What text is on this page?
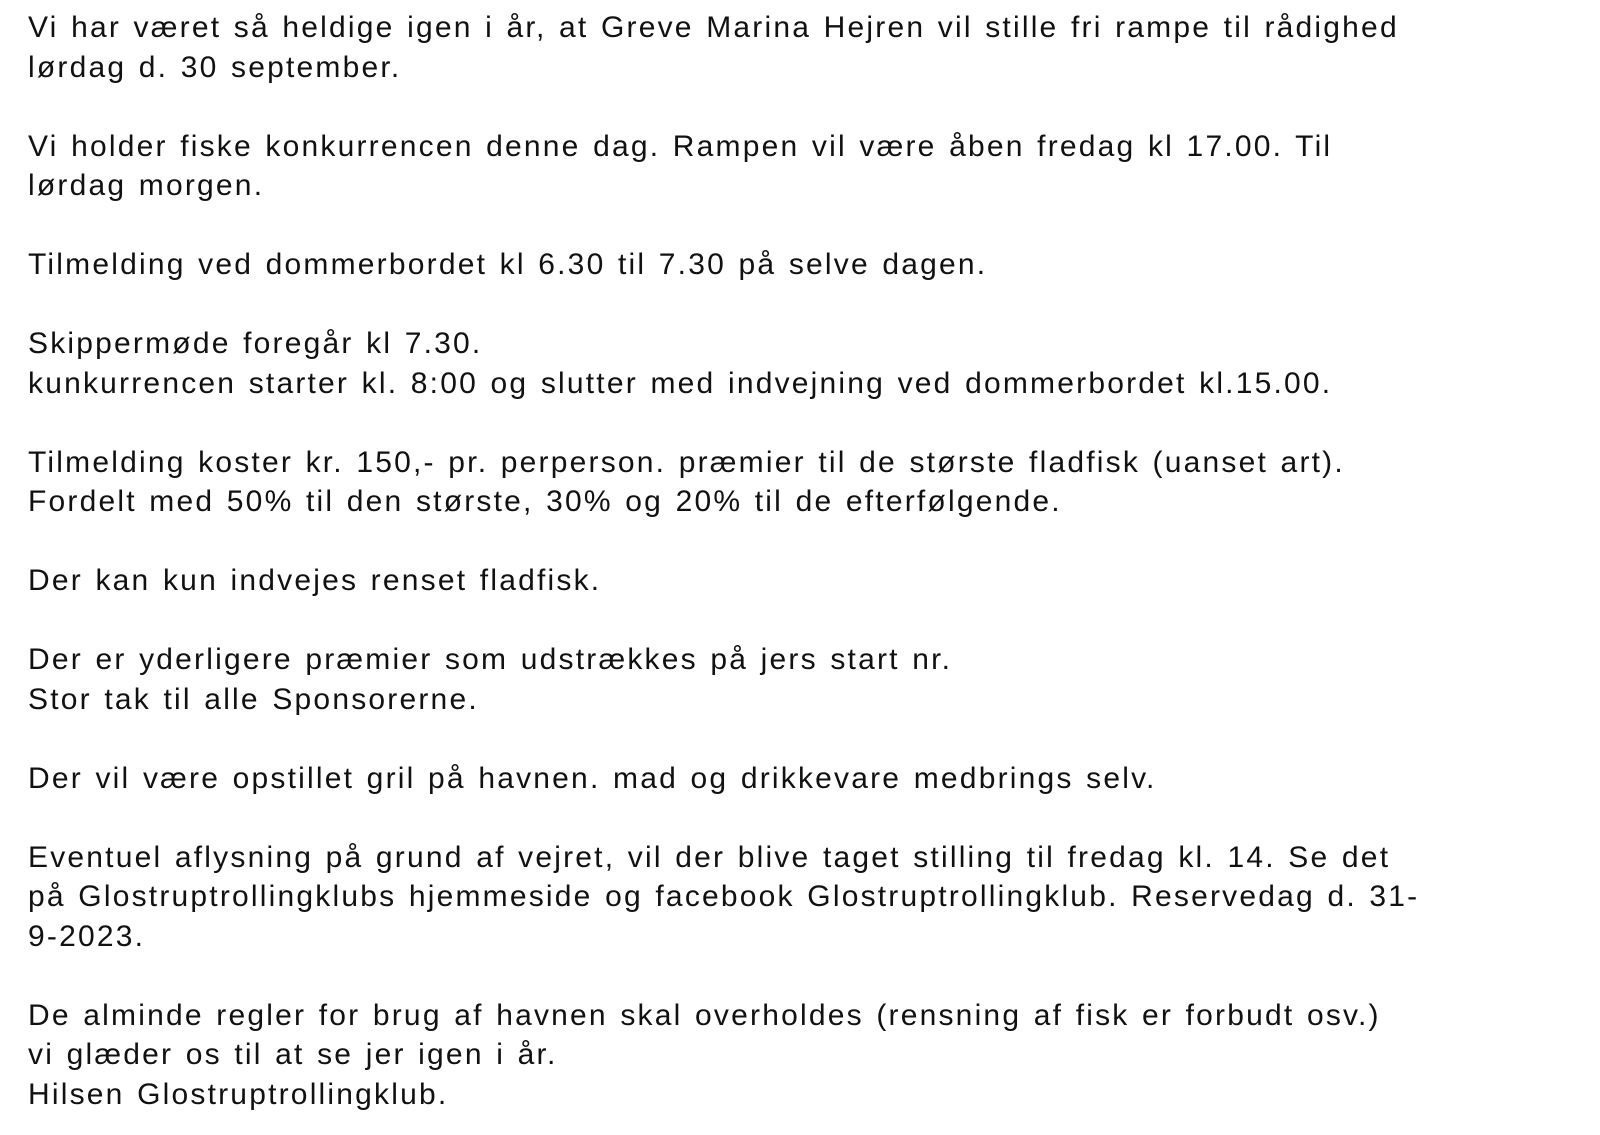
Vi har været så heldige igen i år, at Greve Marina Hejren vil stille fri rampe til rådighed
lørdag d. 30 september.
Vi holder fiske konkurrencen denne dag. Rampen vil være åben fredag kl 17.00. Til
lørdag morgen.
Tilmelding ved dommerbordet kl 6.30 til 7.30 på selve dagen.
Skippermøde foregår kl 7.30.
kunkurrencen starter kl. 8:00 og slutter med indvejning ved dommerbordet kl.15.00.
Tilmelding koster kr. 150,- pr. perperson. præmier til de største fladfisk (uanset art).
Fordelt med 50% til den største, 30% og 20% til de efterfølgende.
Der kan kun indvejes renset fladfisk.
Der er yderligere præmier som udstrækkes på jers start nr.
Stor tak til alle Sponsorerne.
Der vil være opstillet gril på havnen. mad og drikkevare medbrings selv.
Eventuel aflysning på grund af vejret, vil der blive taget stilling til fredag kl. 14. Se det
på Glostruptrollingklubs hjemmeside og facebook Glostruptrollingklub. Reservedag d. 31-
9-2023.
De alminde regler for brug af havnen skal overholdes (rensning af fisk er forbudt osv.)
vi glæder os til at se jer igen i år.
Hilsen Glostruptrollingklub.
